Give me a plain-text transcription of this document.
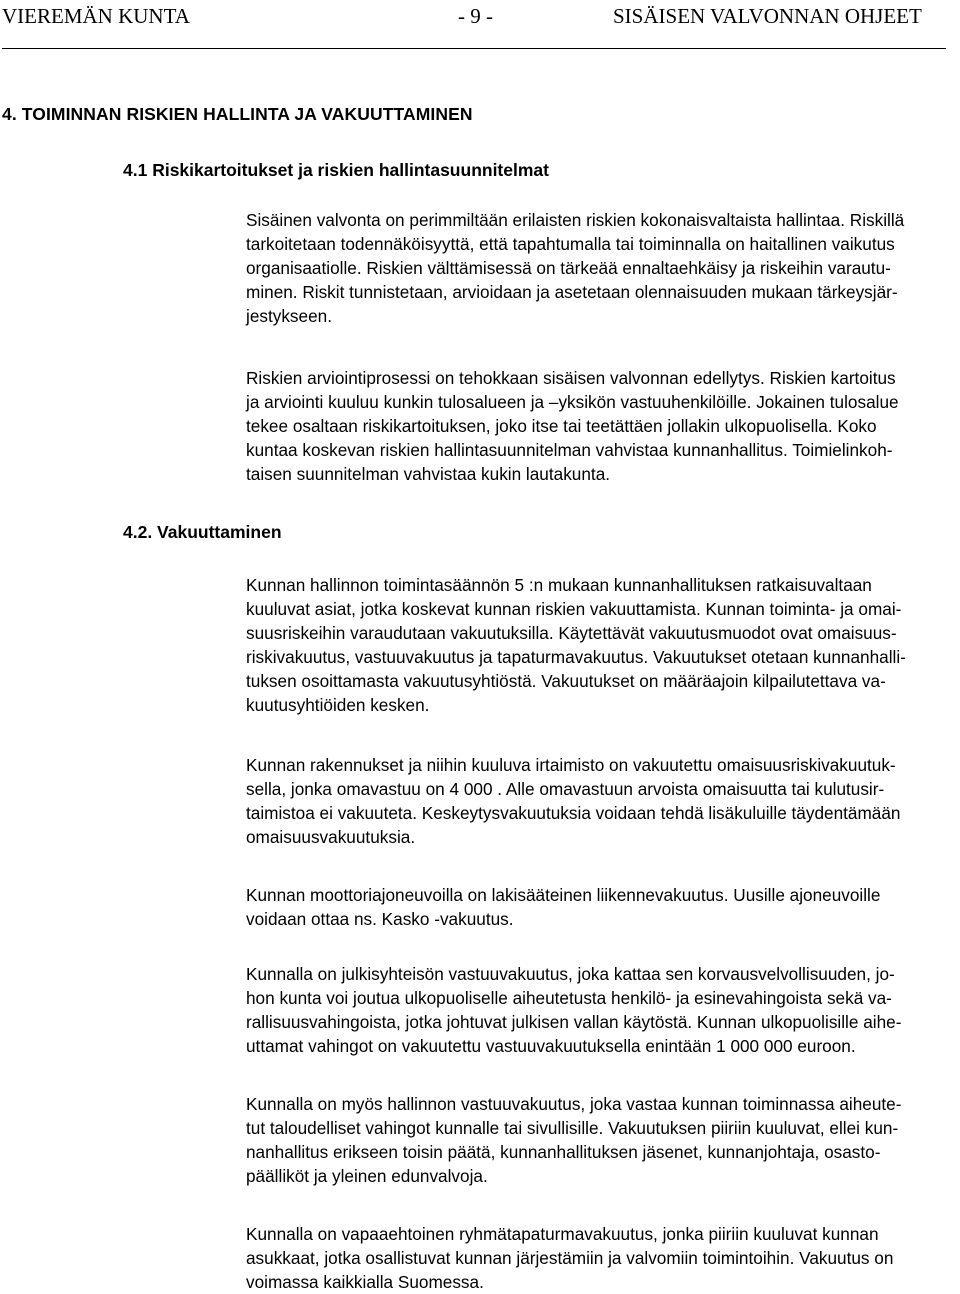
VIEREMÄN KUNTA	- 9 -	SISÄISEN VALVONNAN OHJEET
4. TOIMINNAN RISKIEN HALLINTA JA VAKUUTTAMINEN
4.1 Riskikartoitukset ja riskien hallintasuunnitelmat

Sisäinen valvonta on perimmiltään erilaisten riskien kokonaisvaltaista hallintaa. Riskillä
tarkoitetaan todennäköisyyttä, että tapahtumalla tai toiminnalla on haitallinen vaikutus
organisaatiolle. Riskien välttämisessä on tärkeää ennaltaehkäisy ja riskeihin varautu-
minen. Riskit tunnistetaan, arvioidaan ja asetetaan olennaisuuden mukaan tärkeysjär-
jestykseen.

Riskien arviointiprosessi on tehokkaan sisäisen valvonnan edellytys. Riskien kartoitus
ja arviointi kuuluu kunkin tulosalueen ja –yksikön vastuuhenkilöille. Jokainen tulosalue
tekee osaltaan riskikartoituksen, joko itse tai teetättäen jollakin ulkopuolisella. Koko
kuntaa koskevan riskien hallintasuunnitelman vahvistaa kunnanhallitus. Toimielinkoh-
taisen suunnitelman vahvistaa kukin lautakunta.

4.2. Vakuuttaminen

Kunnan hallinnon toimintasäännön 5 :n mukaan kunnanhallituksen ratkaisuvaltaan
kuuluvat asiat, jotka koskevat kunnan riskien vakuuttamista. Kunnan toiminta- ja omai-
suusriskeihin varaudutaan vakuutuksilla. Käytettävät vakuutusmuodot ovat omaisuus-
riskivakuutus, vastuuvakuutus ja tapaturmavakuutus. Vakuutukset otetaan kunnanhalli-
tuksen osoittamasta vakuutusyhtiöstä. Vakuutukset on määräajoin kilpailutettava va-
kuutusyhtiöiden kesken.

Kunnan rakennukset ja niihin kuuluva irtaimisto on vakuutettu omaisuusriskivakuutuk-
sella, jonka omavastuu on 4 000 . Alle omavastuun arvoista omaisuutta tai kulutusir-
taimistoa ei vakuuteta. Keskeytysvakuutuksia voidaan tehdä lisäkuluille täydentämään
omaisuusvakuutuksia.

Kunnan moottoriajoneuvoilla on lakisääteinen liikennevakuutus. Uusille ajoneuvoille
voidaan ottaa ns. Kasko -vakuutus.

Kunnalla on julkisyhteisön vastuuvakuutus, joka kattaa sen korvausvelvollisuuden, jo-
hon kunta voi joutua ulkopuoliselle aiheutetusta henkilö- ja esinevahingoista sekä va-
rallisuusvahingoista, jotka johtuvat julkisen vallan käytöstä. Kunnan ulkopuolisille aihe-
uttamat vahingot on vakuutettu vastuuvakuutuksella enintään 1 000 000 euroon.

Kunnalla on myös hallinnon vastuuvakuutus, joka vastaa kunnan toiminnassa aiheute-
tut taloudelliset vahingot kunnalle tai sivullisille. Vakuutuksen piiriin kuuluvat, ellei kun-
nanhallitus erikseen toisin päätä, kunnanhallituksen jäsenet, kunnanjohtaja, osasto-
päälliköt ja yleinen edunvalvoja.

Kunnalla on vapaaehtoinen ryhmätapaturmavakuutus, jonka piiriin kuuluvat kunnan
asukkaat, jotka osallistuvat kunnan järjestämiin ja valvomiin toimintoihin. Vakuutus on
voimassa kaikkialla Suomessa.
